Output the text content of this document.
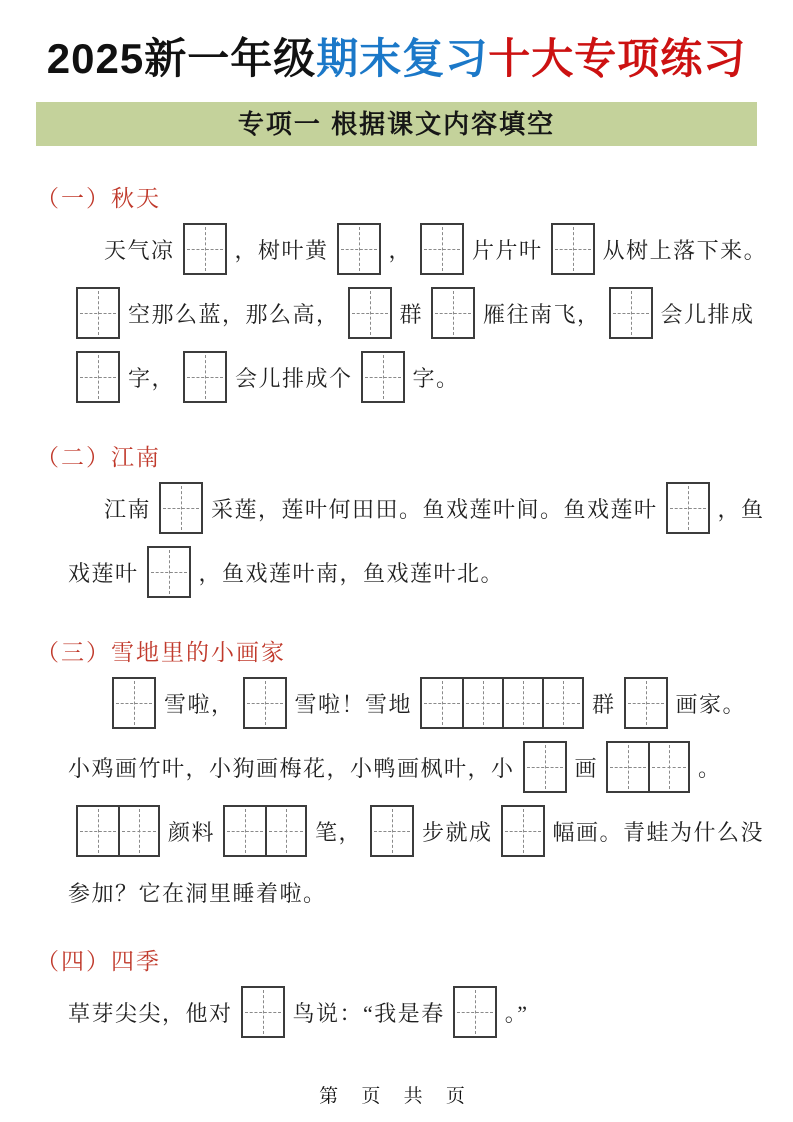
2025新一年级期末复习十大专项练习
专项一 根据课文内容填空
（一）秋天
天气凉	，树叶黄	，	片片叶	从树上落下来。
空那么蓝，那么高，	群	雁往南飞，	会儿排成
字，	会儿排成个	字。
（二）江南
江南	采莲，莲叶何田田。鱼戏莲叶间。鱼戏莲叶	，鱼
戏莲叶	，鱼戏莲叶南，鱼戏莲叶北。
（三）雪地里的小画家
雪啦，	雪啦！雪地	群	画家。
小鸡画竹叶，小狗画梅花，小鸭画枫叶，小	画	。
颜料	笔，	步就成	幅画。青蛙为什么没
参加？它在洞里睡着啦。
（四）四季
草芽尖尖，他对	鸟说：“我是春	。”
第 页 共 页
